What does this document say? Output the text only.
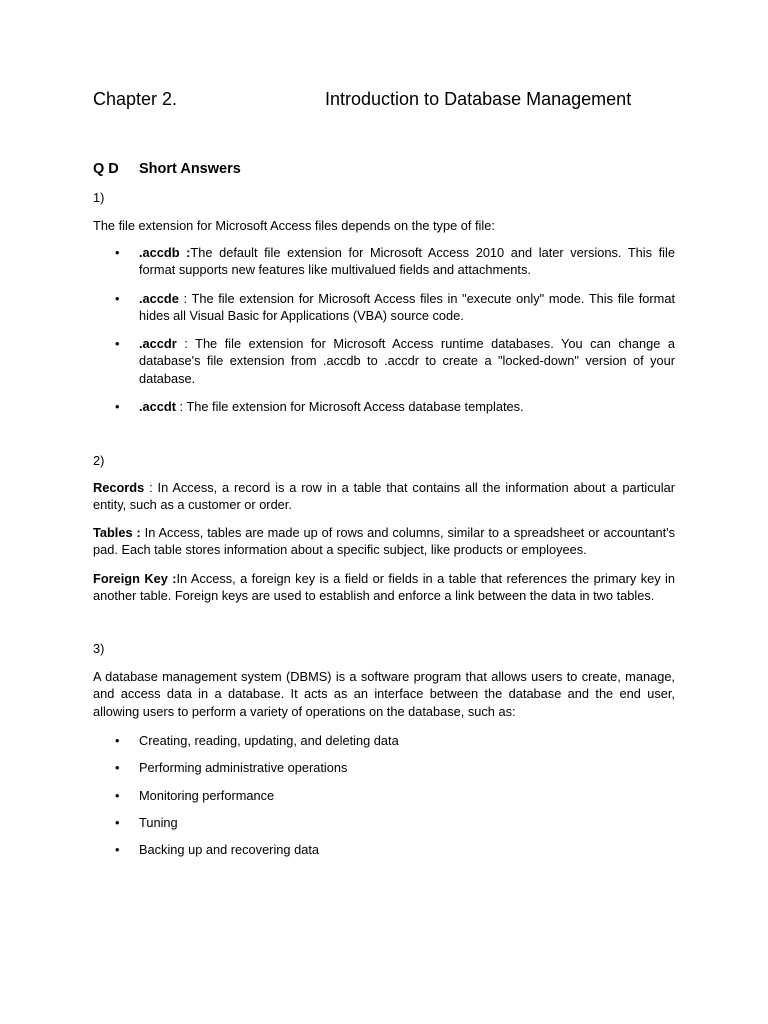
Chapter 2.	Introduction to Database Management
Q D Short Answers
1)
The file extension for Microsoft Access files depends on the type of file:
• .accdb :The default file extension for Microsoft Access 2010 and later versions. This file format supports new features like multivalued fields and attachments.
• .accde : The file extension for Microsoft Access files in "execute only" mode. This file format hides all Visual Basic for Applications (VBA) source code.
• .accdr : The file extension for Microsoft Access runtime databases. You can change a database's file extension from .accdb to .accdr to create a "locked-down" version of your database.
• .accdt : The file extension for Microsoft Access database templates.
2)
Records : In Access, a record is a row in a table that contains all the information about a particular entity, such as a customer or order.
Tables : In Access, tables are made up of rows and columns, similar to a spreadsheet or accountant's pad. Each table stores information about a specific subject, like products or employees.
Foreign Key :In Access, a foreign key is a field or fields in a table that references the primary key in another table. Foreign keys are used to establish and enforce a link between the data in two tables.
3)
A database management system (DBMS) is a software program that allows users to create, manage, and access data in a database. It acts as an interface between the database and the end user, allowing users to perform a variety of operations on the database, such as:
• Creating, reading, updating, and deleting data
• Performing administrative operations
• Monitoring performance
• Tuning
• Backing up and recovering data
